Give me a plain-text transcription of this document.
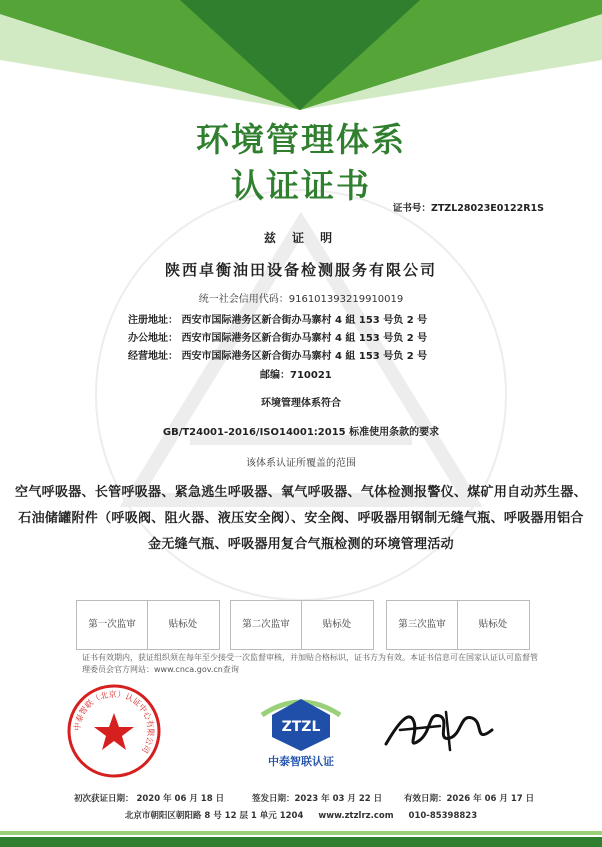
环境管理体系
认证证书
证书号：ZTZL28023E0122R1S
兹 证 明
陕西卓衡油田设备检测服务有限公司
统一社会信用代码：916101393219910019
注册地址： 西安市国际港务区新合街办马寨村 4 組 153 号负 2 号
办公地址： 西安市国际港务区新合街办马寨村 4 組 153 号负 2 号
经营地址： 西安市国际港务区新合街办马寨村 4 組 153 号负 2 号
邮编：710021
环境管理体系符合
GB/T24001-2016/ISO14001:2015 标准使用条款的要求
该体系认证所覆盖的范围
空气呼吸器、长管呼吸器、紧急逃生呼吸器、氧气呼吸器、气体检测报警仪、煤矿用自动苏生器、石油储罐附件（呼吸阀、阻火器、液压安全阀）、安全阀、呼吸器用钢制无缝气瓶、呼吸器用铝合金无缝气瓶、呼吸器用复合气瓶检测的环境管理活动
第一次监审	贴标处	第二次监审	贴标处	第三次监审	贴标处
证书有效期内，获证组织须在每年至少接受一次监督审核，并加贴合格标识，证书方为有效。本证书信息可在国家认证认可监督管理委员会官方网站：www.cnca.gov.cn查询
中泰智联（北京）认证中心有限公司
ZTZL
中泰智联认证
初次获证日期： 2020 年 06 月 18 日	签发日期：2023 年 03 月 22 日	有效日期：2026 年 06 月 17 日
北京市朝阳区朝阳路 8 号 12 层 1 单元 1204 www.ztzlrz.com 010-85398823
